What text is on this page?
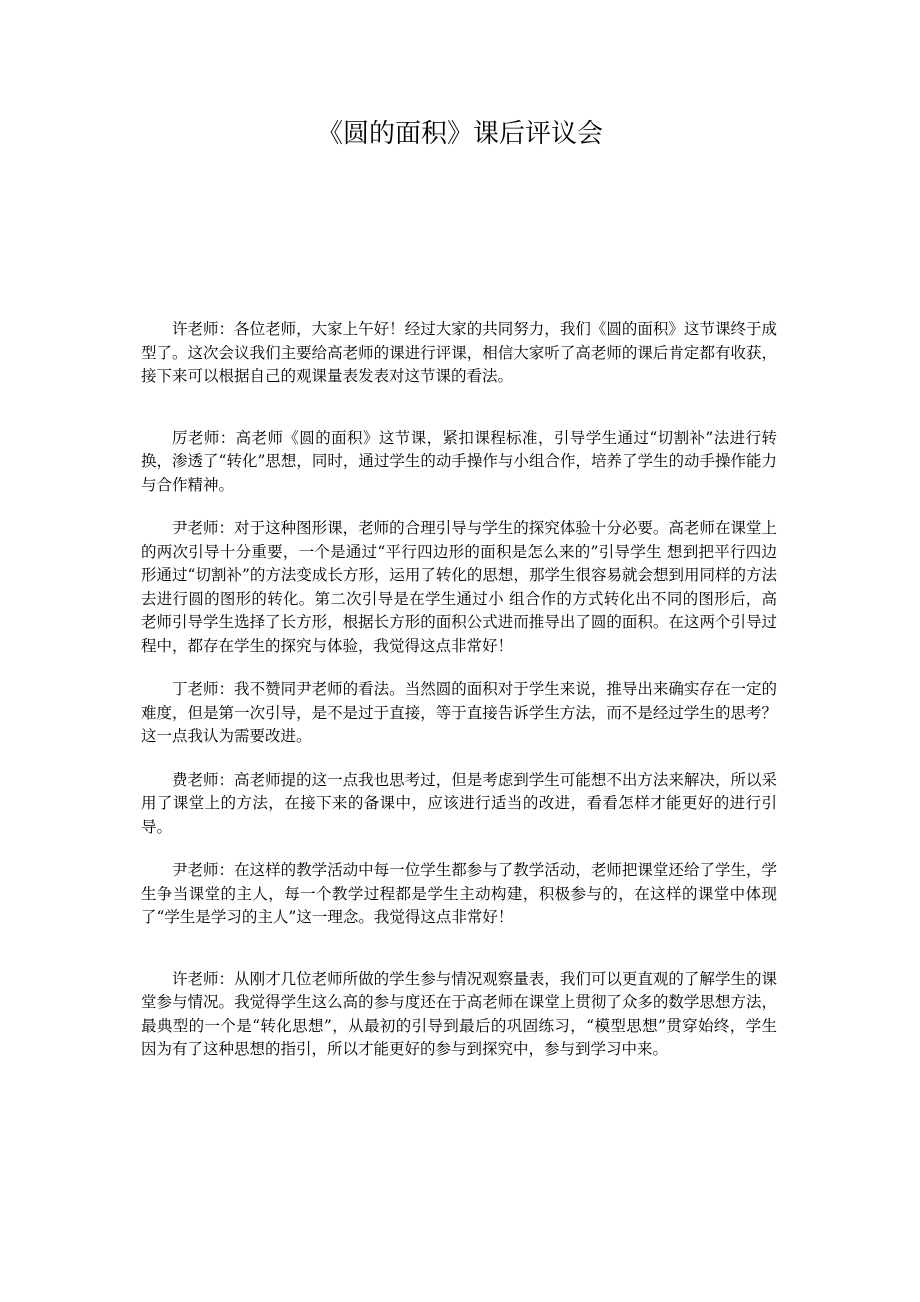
《圆的面积》课后评议会

许老师：各位老师，大家上午好！经过大家的共同努力，我们《圆的面积》这节课终于成型了。这次会议我们主要给高老师的课进行评课，相信大家听了高老师的课后肯定都有收获，接下来可以根据自己的观课量表发表对这节课的看法。

厉老师：高老师《圆的面积》这节课，紧扣课程标准，引导学生通过“切割补”法进行转换，渗透了“转化”思想，同时，通过学生的动手操作与小组合作，培养了学生的动手操作能力与合作精神。

尹老师：对于这种图形课，老师的合理引导与学生的探究体验十分必要。高老师在课堂上的两次引导十分重要，一个是通过“平行四边形的面积是怎么来的”引导学生 想到把平行四边形通过“切割补”的方法变成长方形，运用了转化的思想，那学生很容易就会想到用同样的方法去进行圆的图形的转化。第二次引导是在学生通过小 组合作的方式转化出不同的图形后，高老师引导学生选择了长方形，根据长方形的面积公式进而推导出了圆的面积。在这两个引导过程中，都存在学生的探究与体验，我觉得这点非常好！

丁老师：我不赞同尹老师的看法。当然圆的面积对于学生来说，推导出来确实存在一定的难度，但是第一次引导，是不是过于直接，等于直接告诉学生方法，而不是经过学生的思考？这一点我认为需要改进。

费老师：高老师提的这一点我也思考过，但是考虑到学生可能想不出方法来解决，所以采用了课堂上的方法，在接下来的备课中，应该进行适当的改进，看看怎样才能更好的进行引导。

尹老师：在这样的教学活动中每一位学生都参与了教学活动，老师把课堂还给了学生，学生争当课堂的主人，每一个教学过程都是学生主动构建，积极参与的，在这样的课堂中体现了“学生是学习的主人”这一理念。我觉得这点非常好！

许老师：从刚才几位老师所做的学生参与情况观察量表，我们可以更直观的了解学生的课堂参与情况。我觉得学生这么高的参与度还在于高老师在课堂上贯彻了众多的数学思想方法，最典型的一个是“转化思想”，从最初的引导到最后的巩固练习，“模型思想”贯穿始终，学生因为有了这种思想的指引，所以才能更好的参与到探究中，参与到学习中来。
